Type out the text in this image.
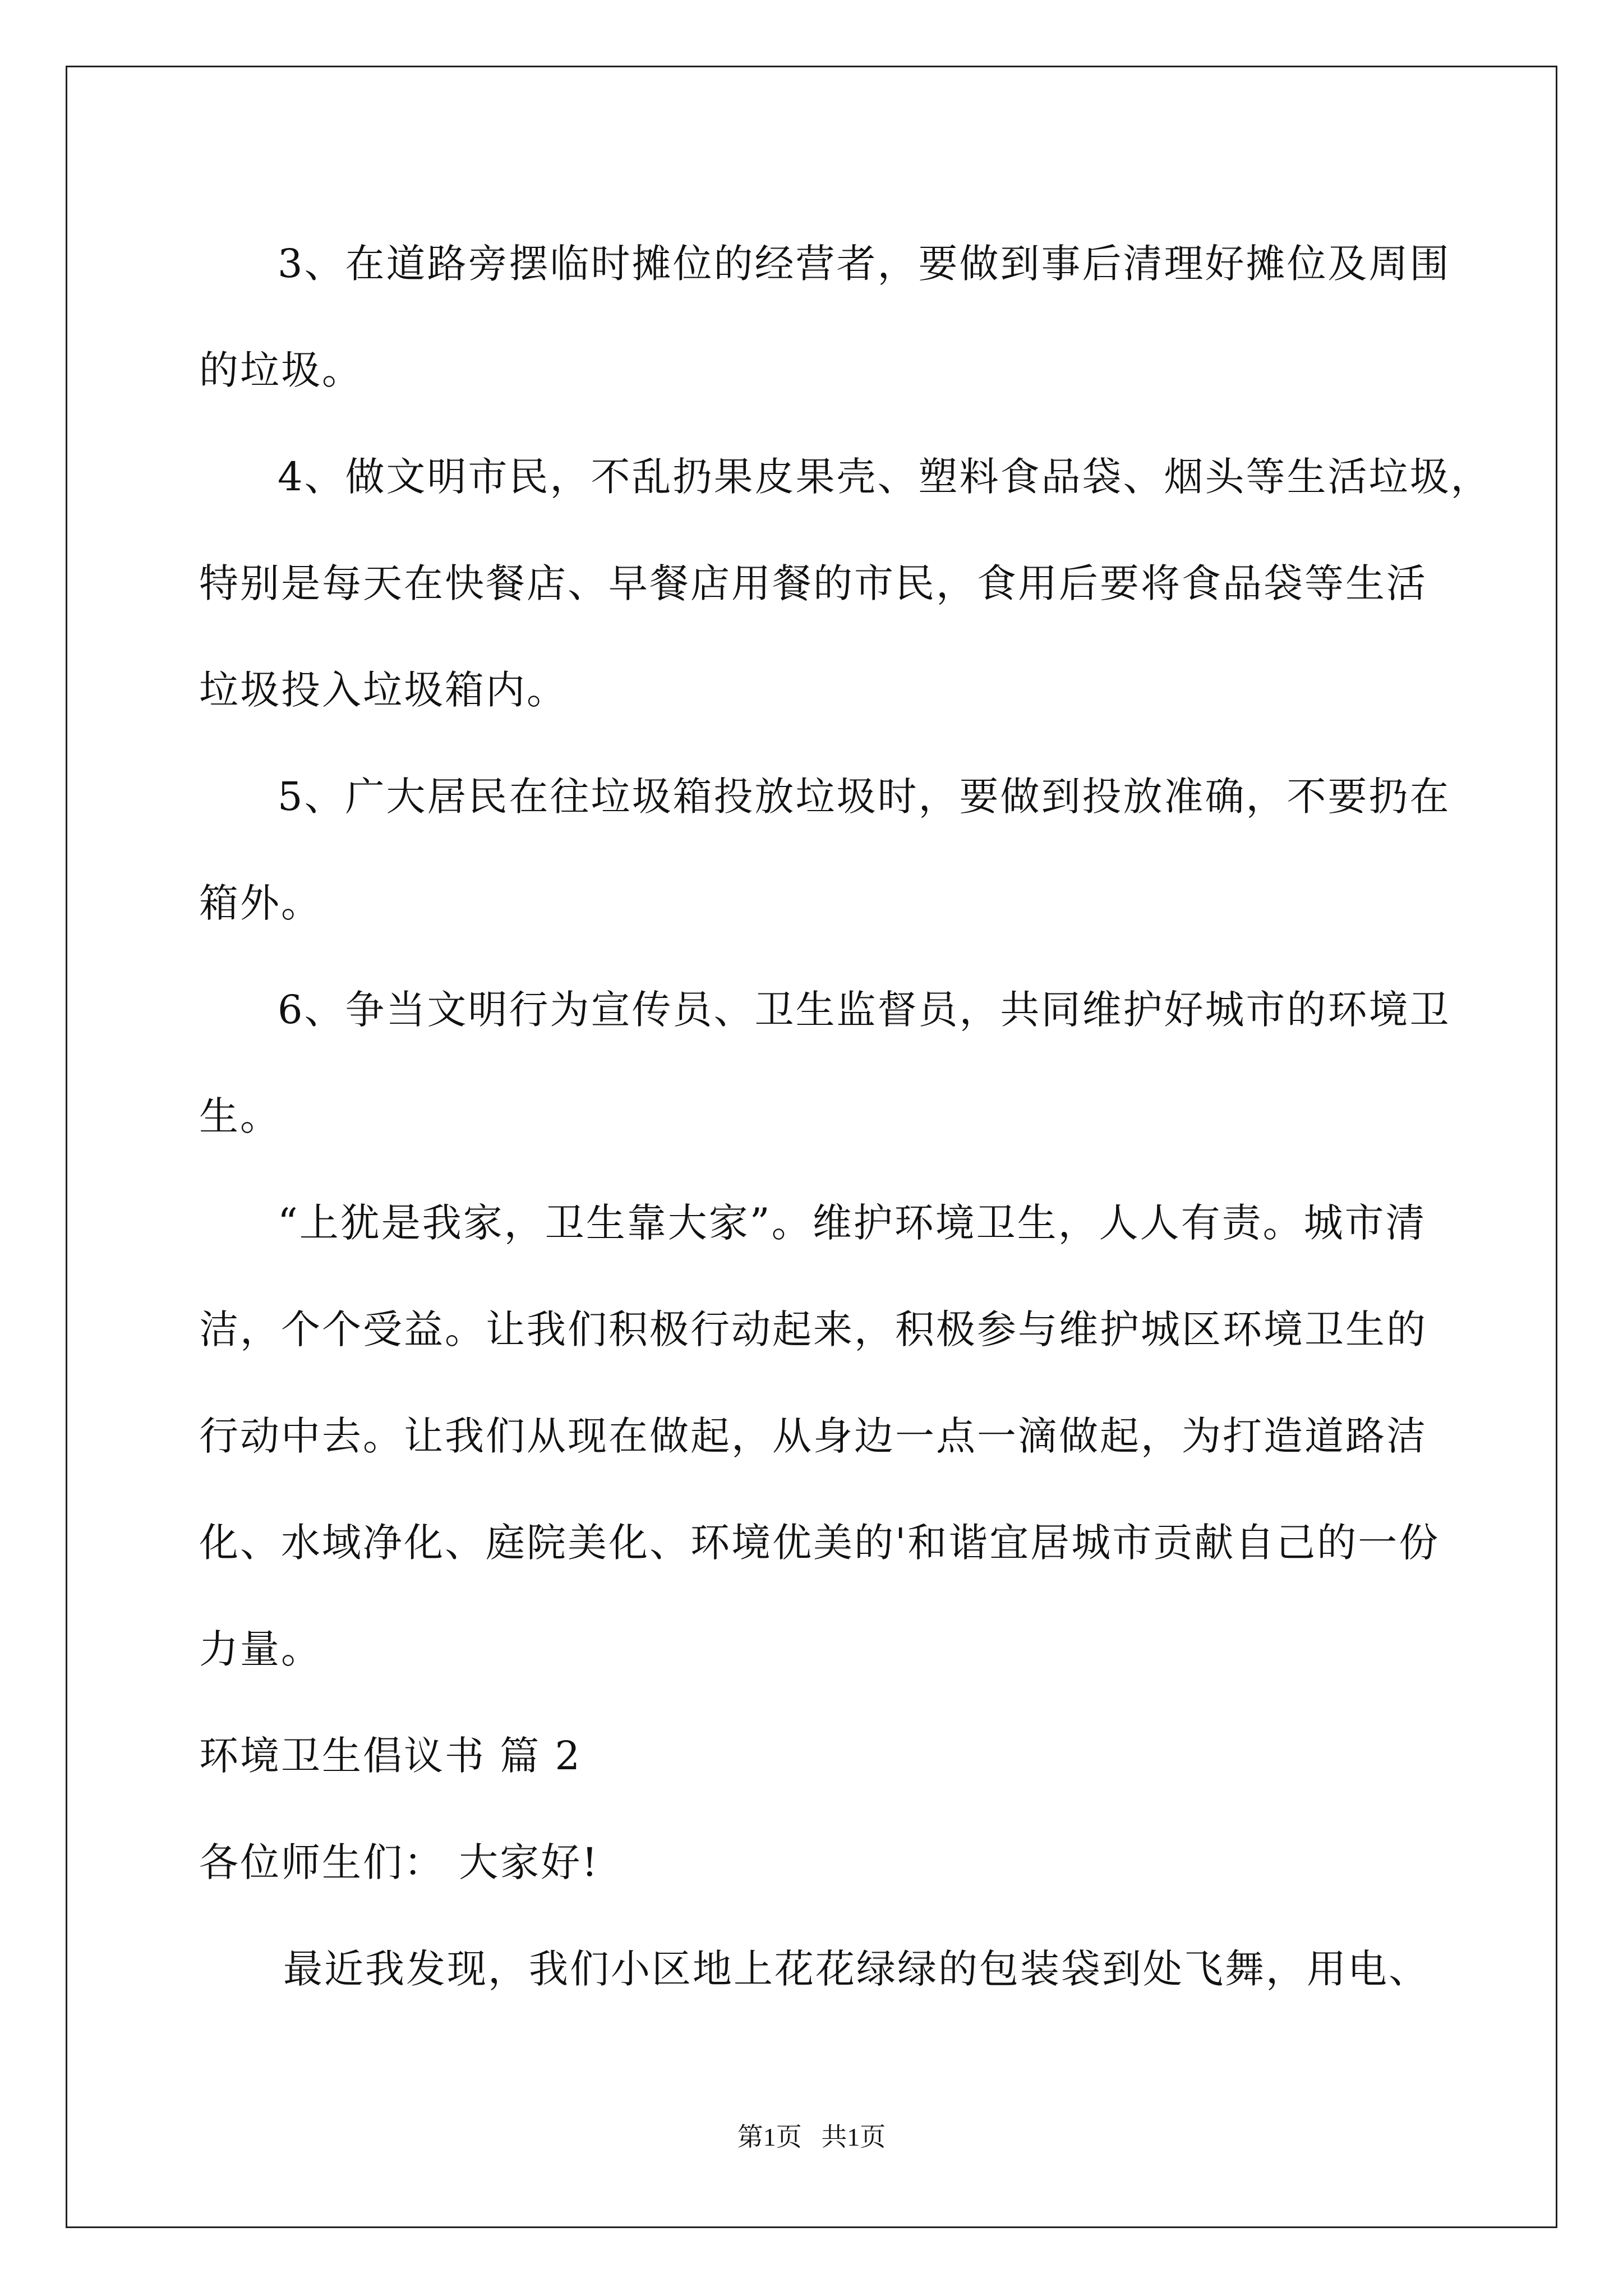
3、在道路旁摆临时摊位的经营者，要做到事后清理好摊位及周围
的垃圾。
4、做文明市民，不乱扔果皮果壳、塑料食品袋、烟头等生活垃圾，
特别是每天在快餐店、早餐店用餐的市民，食用后要将食品袋等生活
垃圾投入垃圾箱内。
5、广大居民在往垃圾箱投放垃圾时，要做到投放准确，不要扔在
箱外。
6、争当文明行为宣传员、卫生监督员，共同维护好城市的环境卫
生。
“上犹是我家，卫生靠大家”。维护环境卫生，人人有责。城市清
洁，个个受益。让我们积极行动起来，积极参与维护城区环境卫生的
行动中去。让我们从现在做起，从身边一点一滴做起，为打造道路洁
化、水域净化、庭院美化、环境优美的'和谐宜居城市贡献自己的一份
力量。
环境卫生倡议书 篇 2
各位师生们： 大家好!
最近我发现，我们小区地上花花绿绿的包装袋到处飞舞，用电、
第1页   共1页
